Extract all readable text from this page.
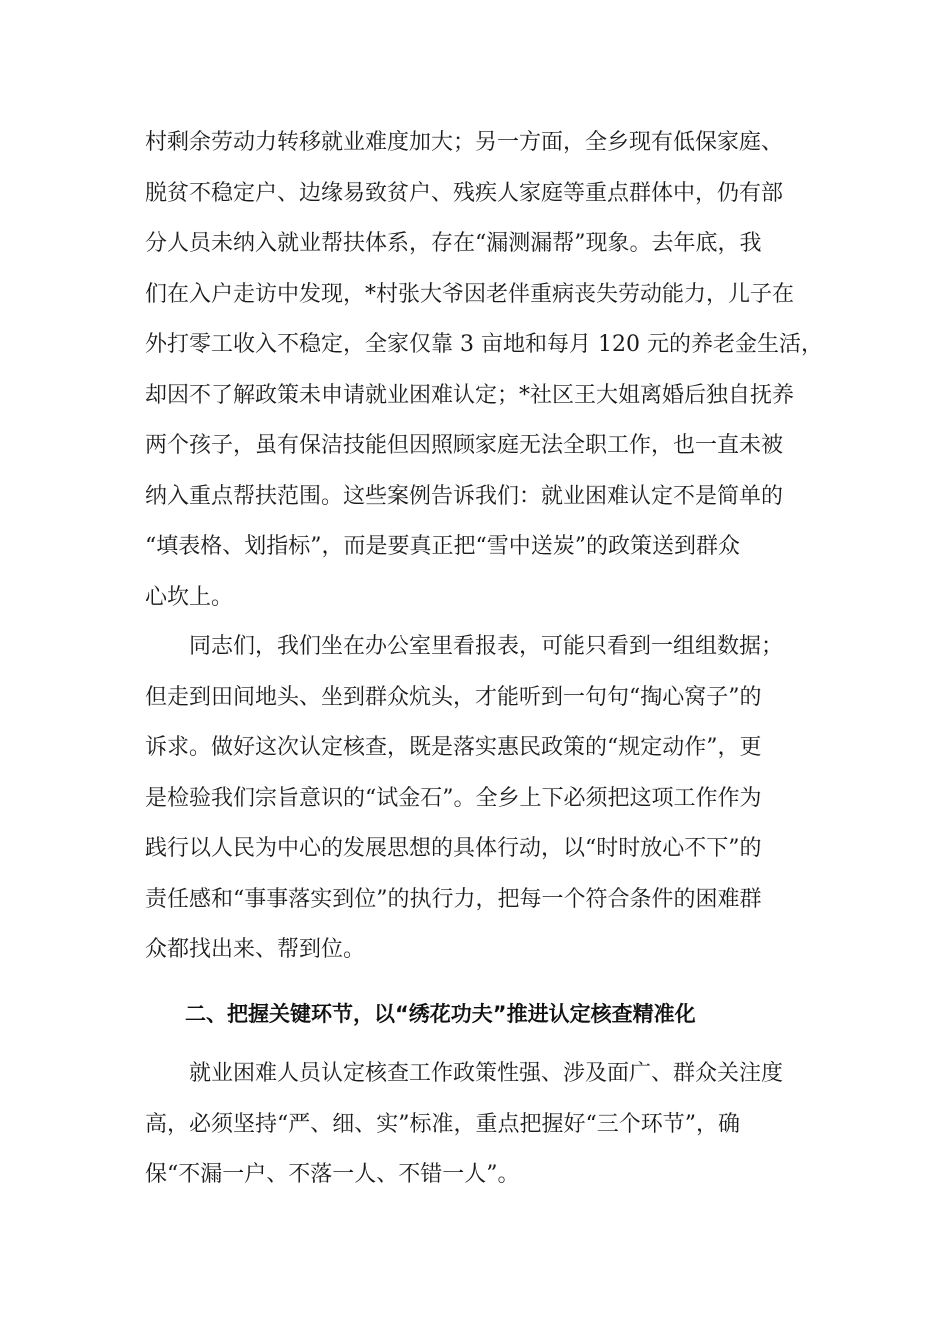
村剩余劳动力转移就业难度加大；另一方面，全乡现有低保家庭、
脱贫不稳定户、边缘易致贫户、残疾人家庭等重点群体中，仍有部
分人员未纳入就业帮扶体系，存在“漏测漏帮”现象。去年底，我
们在入户走访中发现，*村张大爷因老伴重病丧失劳动能力，儿子在
外打零工收入不稳定，全家仅靠 3 亩地和每月 120 元的养老金生活，
却因不了解政策未申请就业困难认定；*社区王大姐离婚后独自抚养
两个孩子，虽有保洁技能但因照顾家庭无法全职工作，也一直未被
纳入重点帮扶范围。这些案例告诉我们：就业困难认定不是简单的
“填表格、划指标”，而是要真正把“雪中送炭”的政策送到群众
心坎上。
　　同志们，我们坐在办公室里看报表，可能只看到一组组数据；
但走到田间地头、坐到群众炕头，才能听到一句句“掏心窝子”的
诉求。做好这次认定核查，既是落实惠民政策的“规定动作”，更
是检验我们宗旨意识的“试金石”。全乡上下必须把这项工作作为
践行以人民为中心的发展思想的具体行动，以“时时放心不下”的
责任感和“事事落实到位”的执行力，把每一个符合条件的困难群
众都找出来、帮到位。
二、把握关键环节，以“绣花功夫”推进认定核查精准化
　　就业困难人员认定核查工作政策性强、涉及面广、群众关注度
高，必须坚持“严、细、实”标准，重点把握好“三个环节”，确
保“不漏一户、不落一人、不错一人”。
